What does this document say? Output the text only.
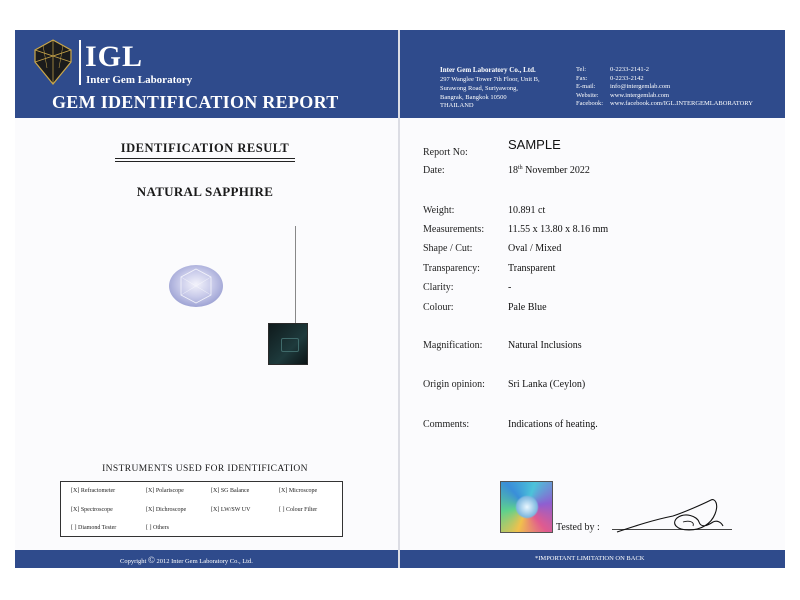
IGL
Inter Gem Laboratory
GEM IDENTIFICATION REPORT
Inter Gem Laboratory Co., Ltd.
297 Wanglee Tower 7th Floor, Unit B,
Surawong Road, Suriyawong,
Bangrak, Bangkok 10500
THAILAND
Tel:	0-2233-2141-2
Fax:	0-2233-2142
E-mail:	info@intergemlab.com
Website:	www.intergemlab.com
Facebook:	www.facebook.com/IGL.INTERGEMLABORATORY
IDENTIFICATION RESULT
NATURAL SAPPHIRE
INSTRUMENTS USED FOR IDENTIFICATION
[X] Refractometer	[X] Polariscope	[X] SG Balance	[X] Microscope
[X] Spectroscope	[X] Dichroscope	[X] LW/SW UV	[ ] Colour Filter
[ ] Diamond Tester	[ ] Others
Copyright © 2012 Inter Gem Laboratory Co., Ltd.
Report No:
SAMPLE
Date:	18th November 2022
Weight:	10.891 ct
Measurements: 11.55 x 13.80 x 8.16 mm
Shape / Cut:	Oval / Mixed
Transparency:	Transparent
Clarity:	-
Colour:	Pale Blue
Magnification:	Natural Inclusions
Origin opinion: Sri Lanka (Ceylon)
Comments:	Indications of heating.
Tested by :
*IMPORTANT LIMITATION ON BACK
